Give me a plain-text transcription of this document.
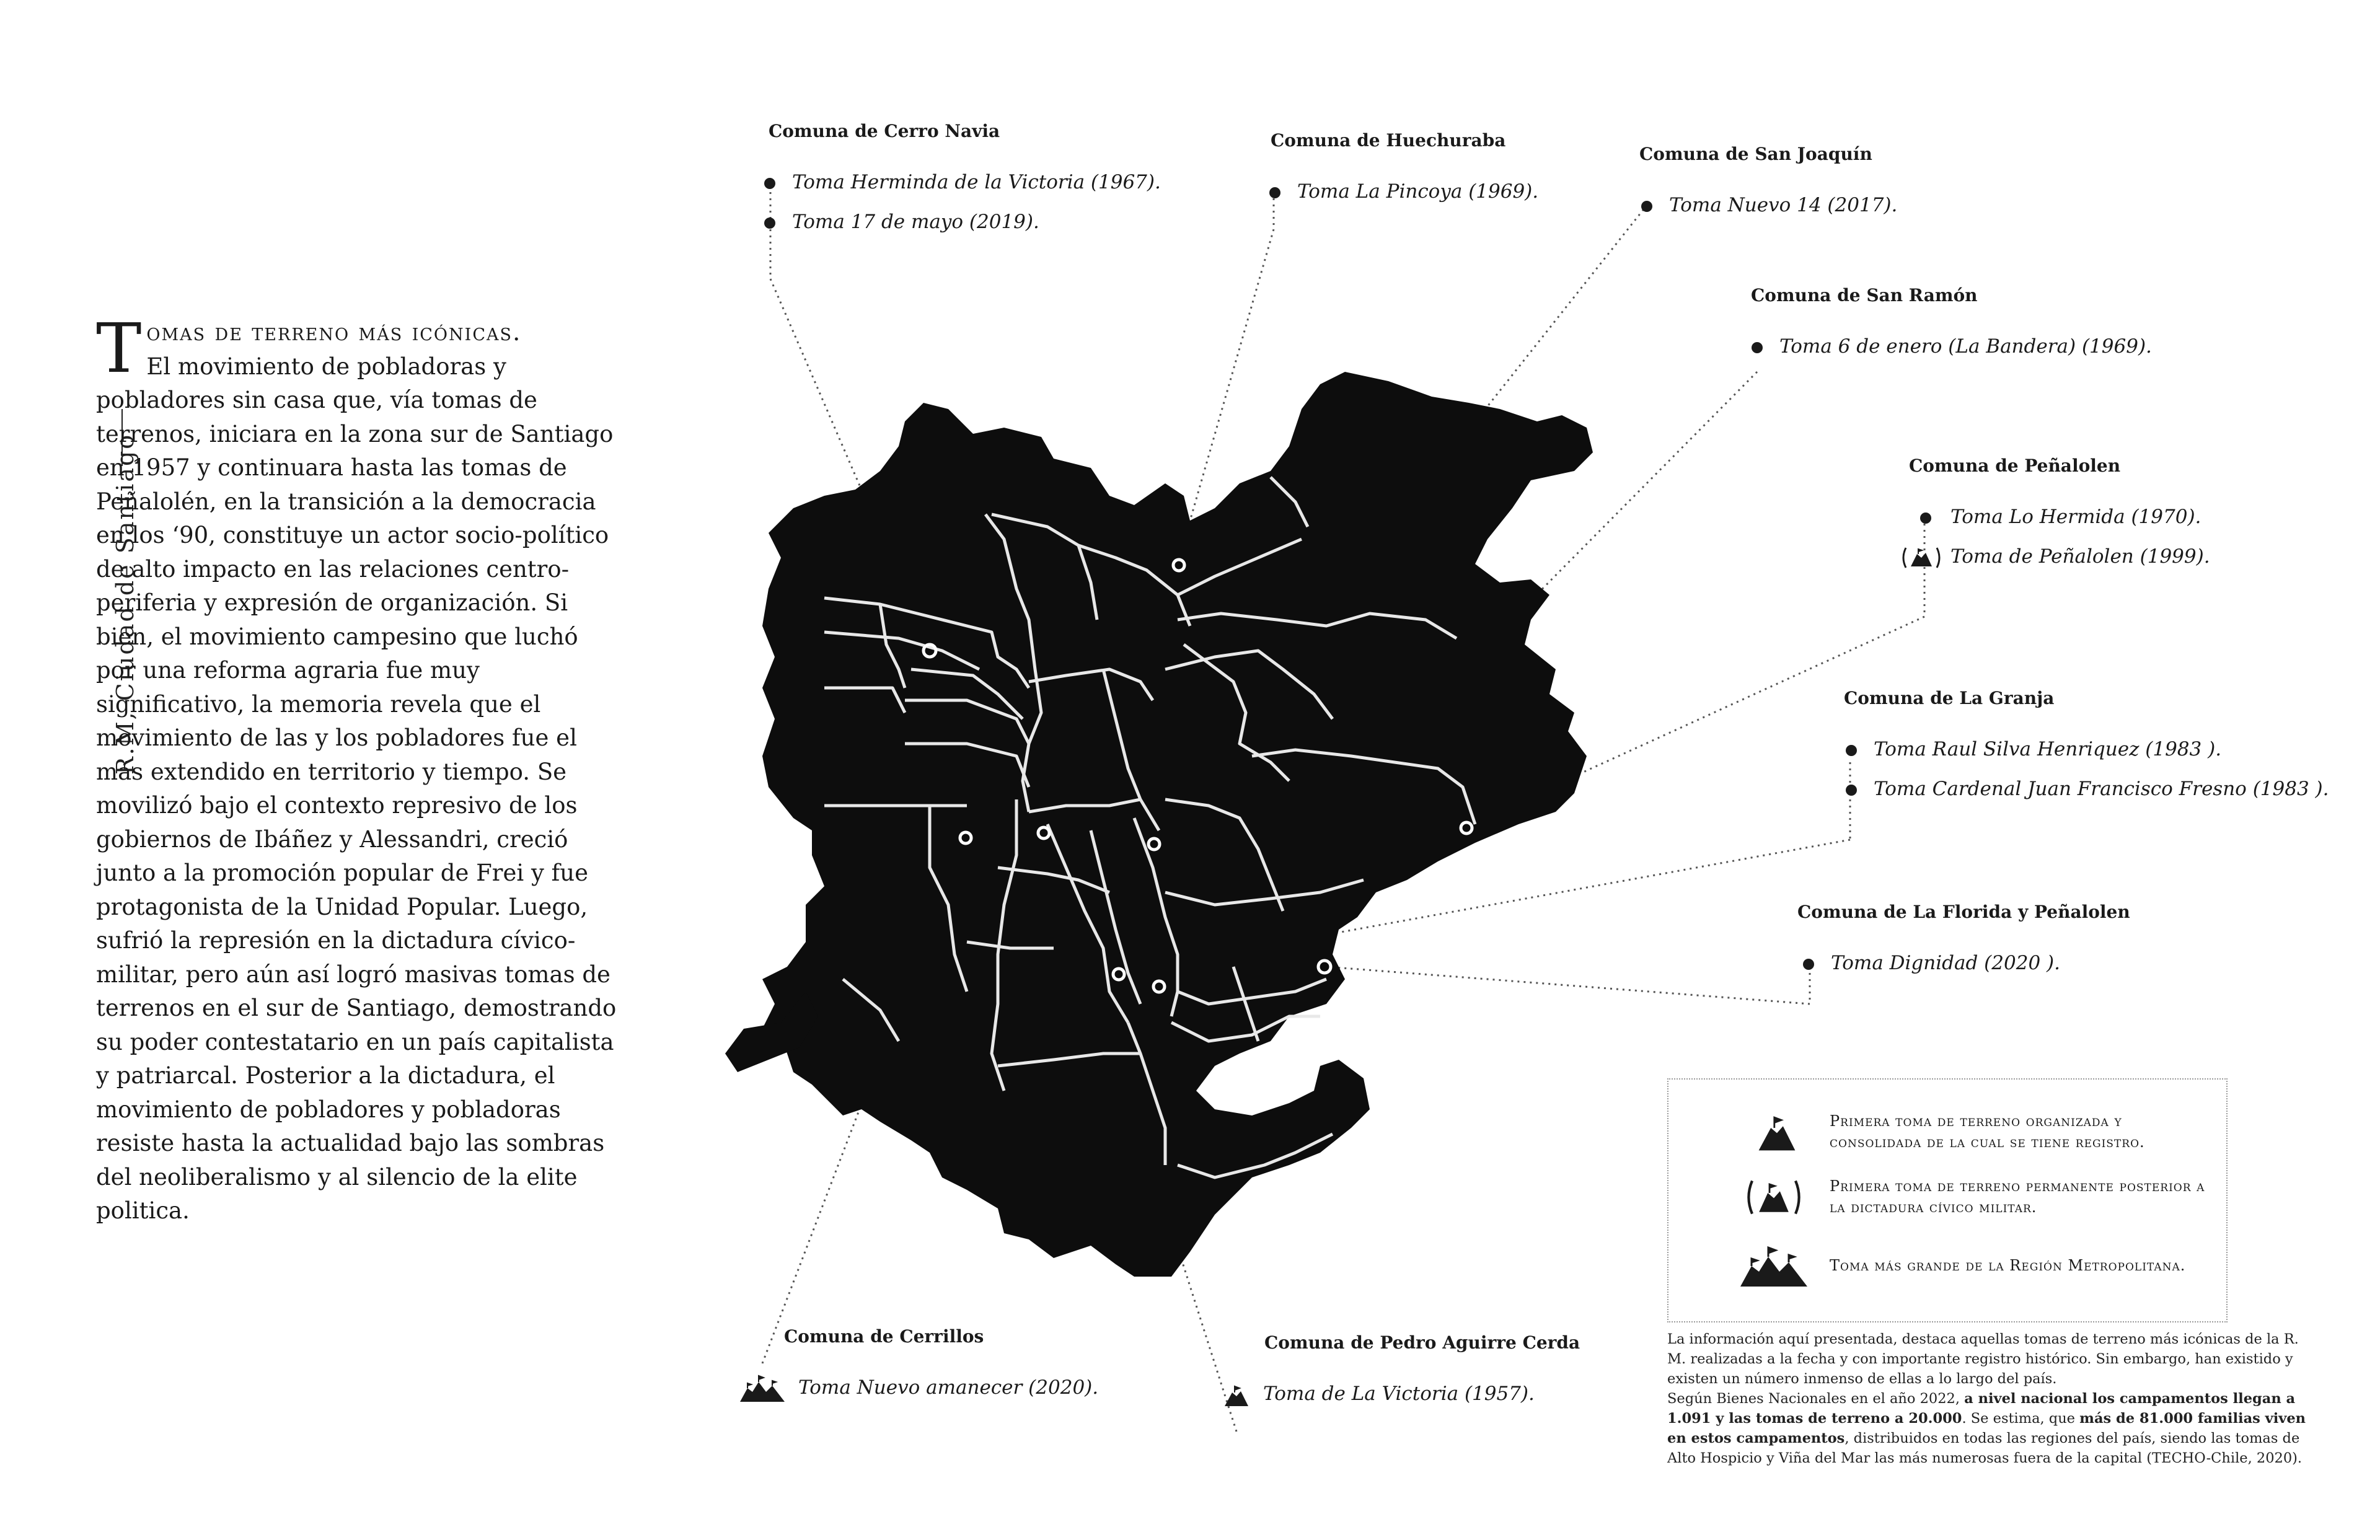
R.M, Ciudad de Santiago
T omas de terreno más icónicas.
El movimiento de pobladoras y pobladores sin casa que, vía tomas de terrenos, iniciara en la zona sur de Santiago en 1957 y continuara hasta las tomas de Peñalolén, en la transición a la democracia en los ‘90, constituye un actor socio-político de alto impacto en las relaciones centro-periferia y expresión de organización. Si bien, el movimiento campesino que luchó por una reforma agraria fue muy significativo, la memoria revela que el movimiento de las y los pobladores fue el más extendido en territorio y tiempo. Se movilizó bajo el contexto represivo de los gobiernos de Ibáñez y Alessandri, creció junto a la promoción popular de Frei y fue protagonista de la Unidad Popular. Luego, sufrió la represión en la dictadura cívico-militar, pero aún así logró masivas tomas de terrenos en el sur de Santiago, demostrando su poder contestatario en un país capitalista y patriarcal. Posterior a la dictadura, el movimiento de pobladores y pobladoras resiste hasta la actualidad bajo las sombras del neoliberalismo y al silencio de la elite politica.
Comuna de Cerro Navia
Toma Herminda de la Victoria (1967).
Toma 17 de mayo (2019).
Comuna de Huechuraba
Toma La Pincoya (1969).
Comuna de San Joaquín
Toma Nuevo 14 (2017).
Comuna de San Ramón
Toma 6 de enero (La Bandera) (1969).
Comuna de Peñalolen
Toma Lo Hermida (1970).
Toma de Peñalolen (1999).
Comuna de La Granja
Toma Raul Silva Henriquez (1983 ).
Toma Cardenal Juan Francisco Fresno (1983 ).
Comuna de La Florida y Peñalolen
Toma Dignidad (2020 ).
Comuna de Cerrillos
Toma Nuevo amanecer (2020).
Comuna de Pedro Aguirre Cerda
Toma de La Victoria (1957).
Primera toma de terreno organizada y consolidada de la cual se tiene registro.
Primera toma de terreno permanente posterior a la dictadura cívico militar.
Toma más grande de la Región Metropolitana.
La información aquí presentada, destaca aquellas tomas de terreno más icónicas de la R. M. realizadas a la fecha y con importante registro histórico. Sin embargo, han existido y existen un número inmenso de ellas a lo largo del país.
Según Bienes Nacionales en el año 2022, a nivel nacional los campamentos llegan a 1.091 y las tomas de terreno a 20.000. Se estima, que más de 81.000 familias viven en estos campamentos, distribuidos en todas las regiones del país, siendo las tomas de Alto Hospicio y Viña del Mar las más numerosas fuera de la capital (TECHO-Chile, 2020).
